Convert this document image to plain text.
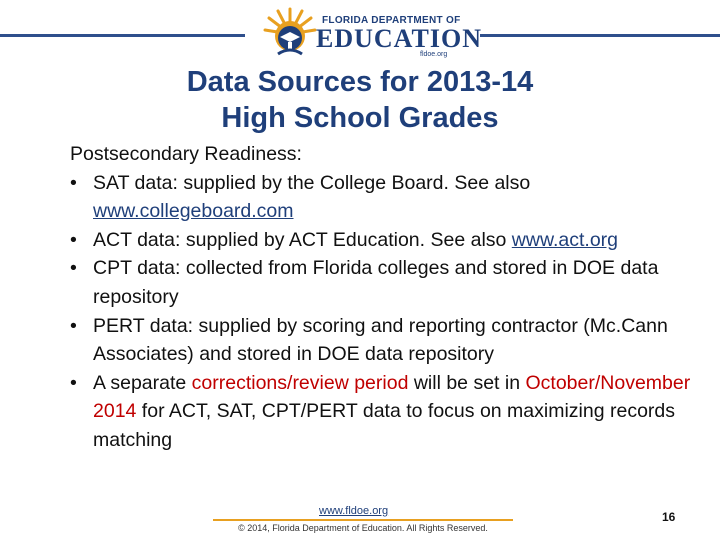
FLORIDA DEPARTMENT OF
EDUCATION
fldoe.org
Data Sources for 2013-14
High School Grades

Postsecondary Readiness:

• SAT data: supplied by the College Board. See also www.collegeboard.com
• ACT data: supplied by ACT Education. See also www.act.org
• CPT data: collected from Florida colleges and stored in DOE data repository
• PERT data: supplied by scoring and reporting contractor (Mc.Cann Associates) and stored in DOE data repository
• A separate corrections/review period will be set in October/November 2014 for ACT, SAT, CPT/PERT data to focus on maximizing records matching
www.fldoe.org
© 2014, Florida Department of Education. All Rights Reserved.
16
